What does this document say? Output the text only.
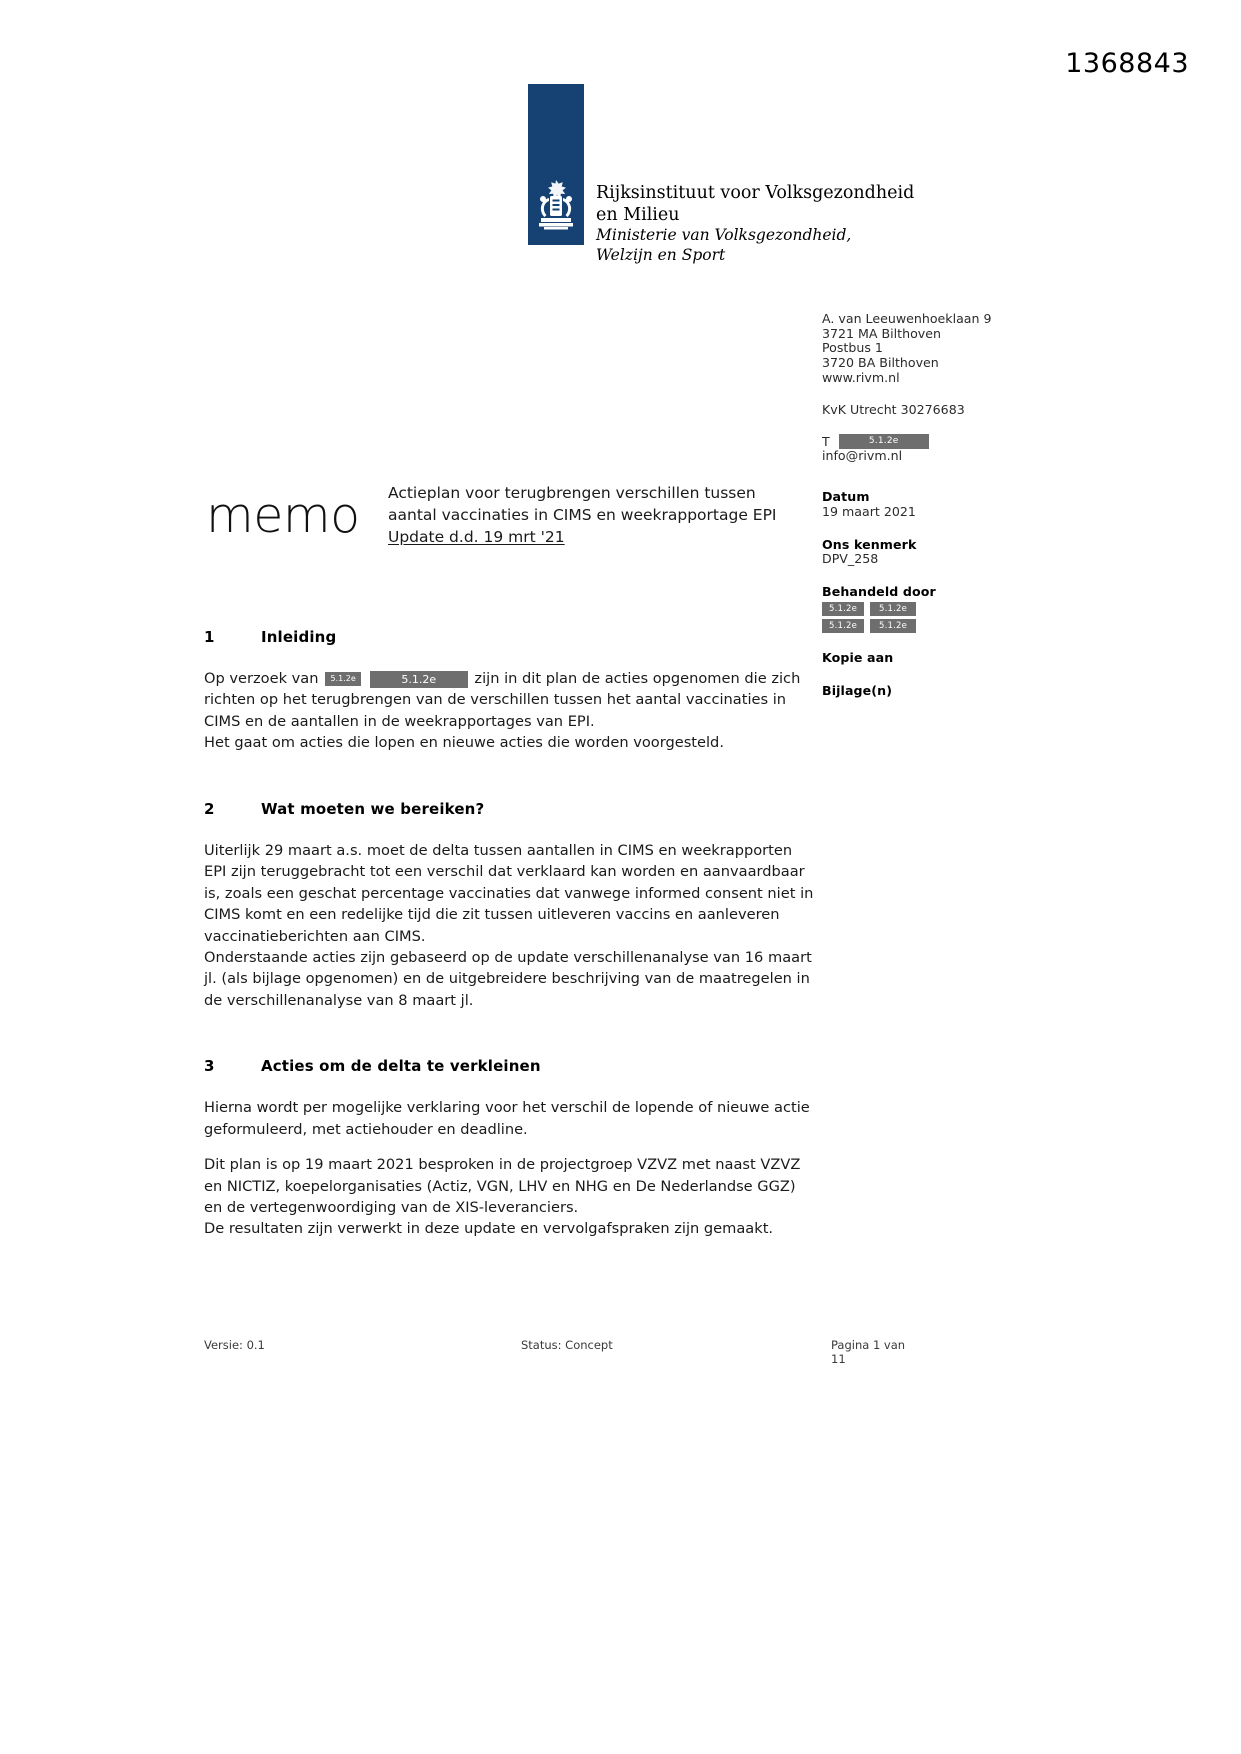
1368843
Rijksinstituut voor Volksgezondheid
en Milieu
Ministerie van Volksgezondheid,
Welzijn en Sport
A. van Leeuwenhoeklaan 9
3721 MA Bilthoven
Postbus 1
3720 BA Bilthoven
www.rivm.nl
KvK Utrecht 30276683
T	5.1.2e
info@rivm.nl
Datum
19 maart 2021
Ons kenmerk
DPV_258
Behandeld door
5.1.2e	5.1.2e
5.1.2e	5.1.2e
Kopie aan
Bijlage(n)
memo Actieplan voor terugbrengen verschillen tussen
aantal vaccinaties in CIMS en weekrapportage EPI
Update d.d. 19 mrt '21
1	Inleiding
Op verzoek van 5.1.2e	5.1.2e	zijn in dit plan de acties opgenomen die zich richten op het terugbrengen van de verschillen tussen het aantal vaccinaties in CIMS en de aantallen in de weekrapportages van EPI.
Het gaat om acties die lopen en nieuwe acties die worden voorgesteld.
2	Wat moeten we bereiken?
Uiterlijk 29 maart a.s. moet de delta tussen aantallen in CIMS en weekrapporten EPI zijn teruggebracht tot een verschil dat verklaard kan worden en aanvaardbaar is, zoals een geschat percentage vaccinaties dat vanwege informed consent niet in CIMS komt en een redelijke tijd die zit tussen uitleveren vaccins en aanleveren vaccinatieberichten aan CIMS.
Onderstaande acties zijn gebaseerd op de update verschillenanalyse van 16 maart jl. (als bijlage opgenomen) en de uitgebreidere beschrijving van de maatregelen in de verschillenanalyse van 8 maart jl.
3	Acties om de delta te verkleinen
Hierna wordt per mogelijke verklaring voor het verschil de lopende of nieuwe actie geformuleerd, met actiehouder en deadline.
Dit plan is op 19 maart 2021 besproken in de projectgroep VZVZ met naast VZVZ en NICTIZ, koepelorganisaties (Actiz, VGN, LHV en NHG en De Nederlandse GGZ) en de vertegenwoordiging van de XIS-leveranciers.
De resultaten zijn verwerkt in deze update en vervolgafspraken zijn gemaakt.
Versie: 0.1	Status: Concept	Pagina 1 van 11
